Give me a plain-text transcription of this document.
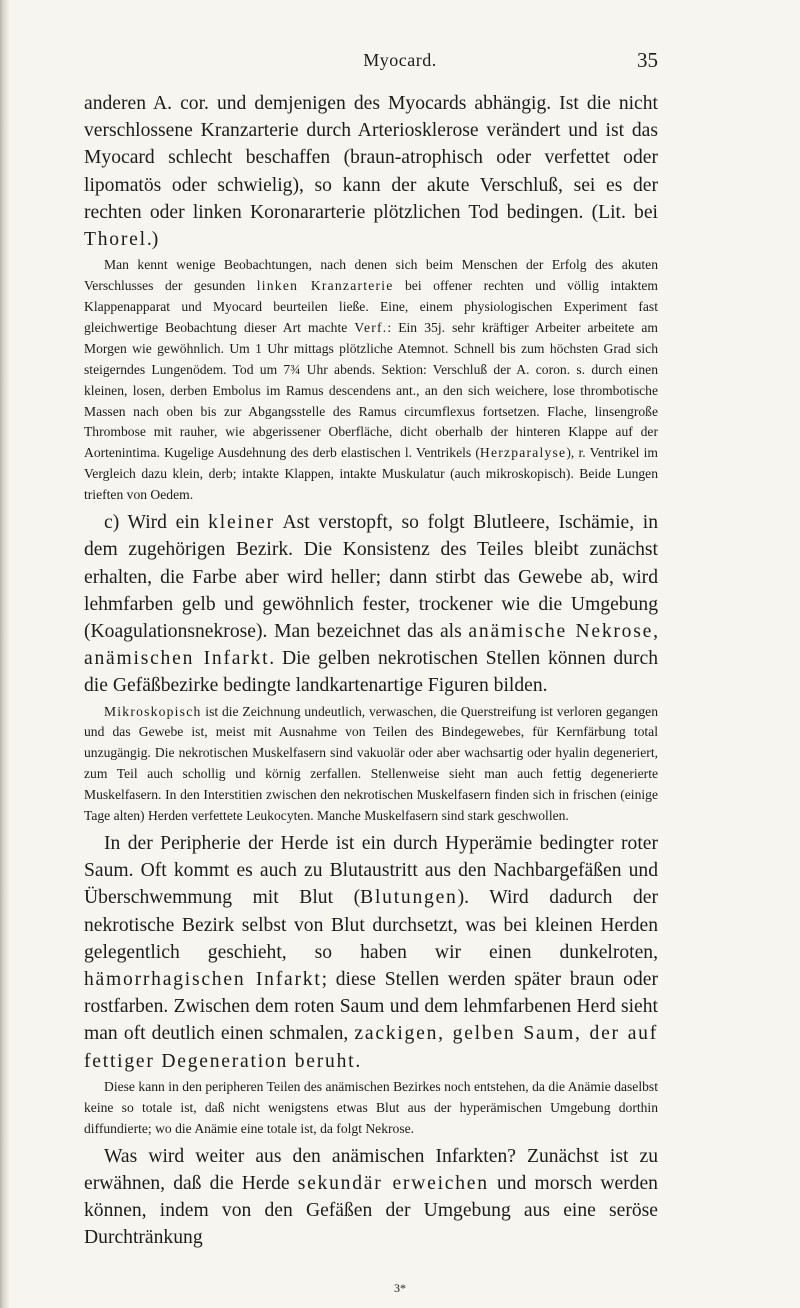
Myocard.	35

anderen A. cor. und demjenigen des Myocards abhängig. Ist die nicht verschlossene Kranzarterie durch Arteriosklerose verändert und ist das Myocard schlecht beschaffen (braun-atrophisch oder verfettet oder lipomatös oder schwielig), so kann der akute Verschluß, sei es der rechten oder linken Koronararterie plötzlichen Tod bedingen. (Lit. bei Thorel.)

Man kennt wenige Beobachtungen, nach denen sich beim Menschen der Erfolg des akuten Verschlusses der gesunden linken Kranzarterie bei offener rechten und völlig intaktem Klappenapparat und Myocard beurteilen ließe. Eine, einem physiologischen Experiment fast gleichwertige Beobachtung dieser Art machte Verf.: Ein 35j. sehr kräftiger Arbeiter arbeitete am Morgen wie gewöhnlich. Um 1 Uhr mittags plötzliche Atemnot. Schnell bis zum höchsten Grad sich steigerndes Lungenödem. Tod um 7¾ Uhr abends. Sektion: Verschluß der A. coron. s. durch einen kleinen, losen, derben Embolus im Ramus descendens ant., an den sich weichere, lose thrombotische Massen nach oben bis zur Abgangsstelle des Ramus circumflexus fortsetzen. Flache, linsengroße Thrombose mit rauher, wie abgerissener Oberfläche, dicht oberhalb der hinteren Klappe auf der Aortenintima. Kugelige Ausdehnung des derb elastischen l. Ventrikels (Herzparalyse), r. Ventrikel im Vergleich dazu klein, derb; intakte Klappen, intakte Muskulatur (auch mikroskopisch). Beide Lungen trieften von Oedem.

c) Wird ein kleiner Ast verstopft, so folgt Blutleere, Ischämie, in dem zugehörigen Bezirk. Die Konsistenz des Teiles bleibt zunächst erhalten, die Farbe aber wird heller; dann stirbt das Gewebe ab, wird lehmfarben gelb und gewöhnlich fester, trockener wie die Umgebung (Koagulationsnekrose). Man bezeichnet das als anämische Nekrose, anämischen Infarkt. Die gelben nekrotischen Stellen können durch die Gefäßbezirke bedingte landkartenartige Figuren bilden.

Mikroskopisch ist die Zeichnung undeutlich, verwaschen, die Querstreifung ist verloren gegangen und das Gewebe ist, meist mit Ausnahme von Teilen des Bindegewebes, für Kernfärbung total unzugängig. Die nekrotischen Muskelfasern sind vakuolär oder aber wachsartig oder hyalin degeneriert, zum Teil auch schollig und körnig zerfallen. Stellenweise sieht man auch fettig degenerierte Muskelfasern. In den Interstitien zwischen den nekrotischen Muskelfasern finden sich in frischen (einige Tage alten) Herden verfettete Leukocyten. Manche Muskelfasern sind stark geschwollen.

In der Peripherie der Herde ist ein durch Hyperämie bedingter roter Saum. Oft kommt es auch zu Blutaustritt aus den Nachbargefäßen und Überschwemmung mit Blut (Blutungen). Wird dadurch der nekrotische Bezirk selbst von Blut durchsetzt, was bei kleinen Herden gelegentlich geschieht, so haben wir einen dunkelroten, hämorrhagischen Infarkt; diese Stellen werden später braun oder rostfarben. Zwischen dem roten Saum und dem lehmfarbenen Herd sieht man oft deutlich einen schmalen, zackigen, gelben Saum, der auf fettiger Degeneration beruht.

Diese kann in den peripheren Teilen des anämischen Bezirkes noch entstehen, da die Anämie daselbst keine so totale ist, daß nicht wenigstens etwas Blut aus der hyperämischen Umgebung dorthin diffundierte; wo die Anämie eine totale ist, da folgt Nekrose.

Was wird weiter aus den anämischen Infarkten? Zunächst ist zu erwähnen, daß die Herde sekundär erweichen und morsch werden können, indem von den Gefäßen der Umgebung aus eine seröse Durchtränkung

3*
